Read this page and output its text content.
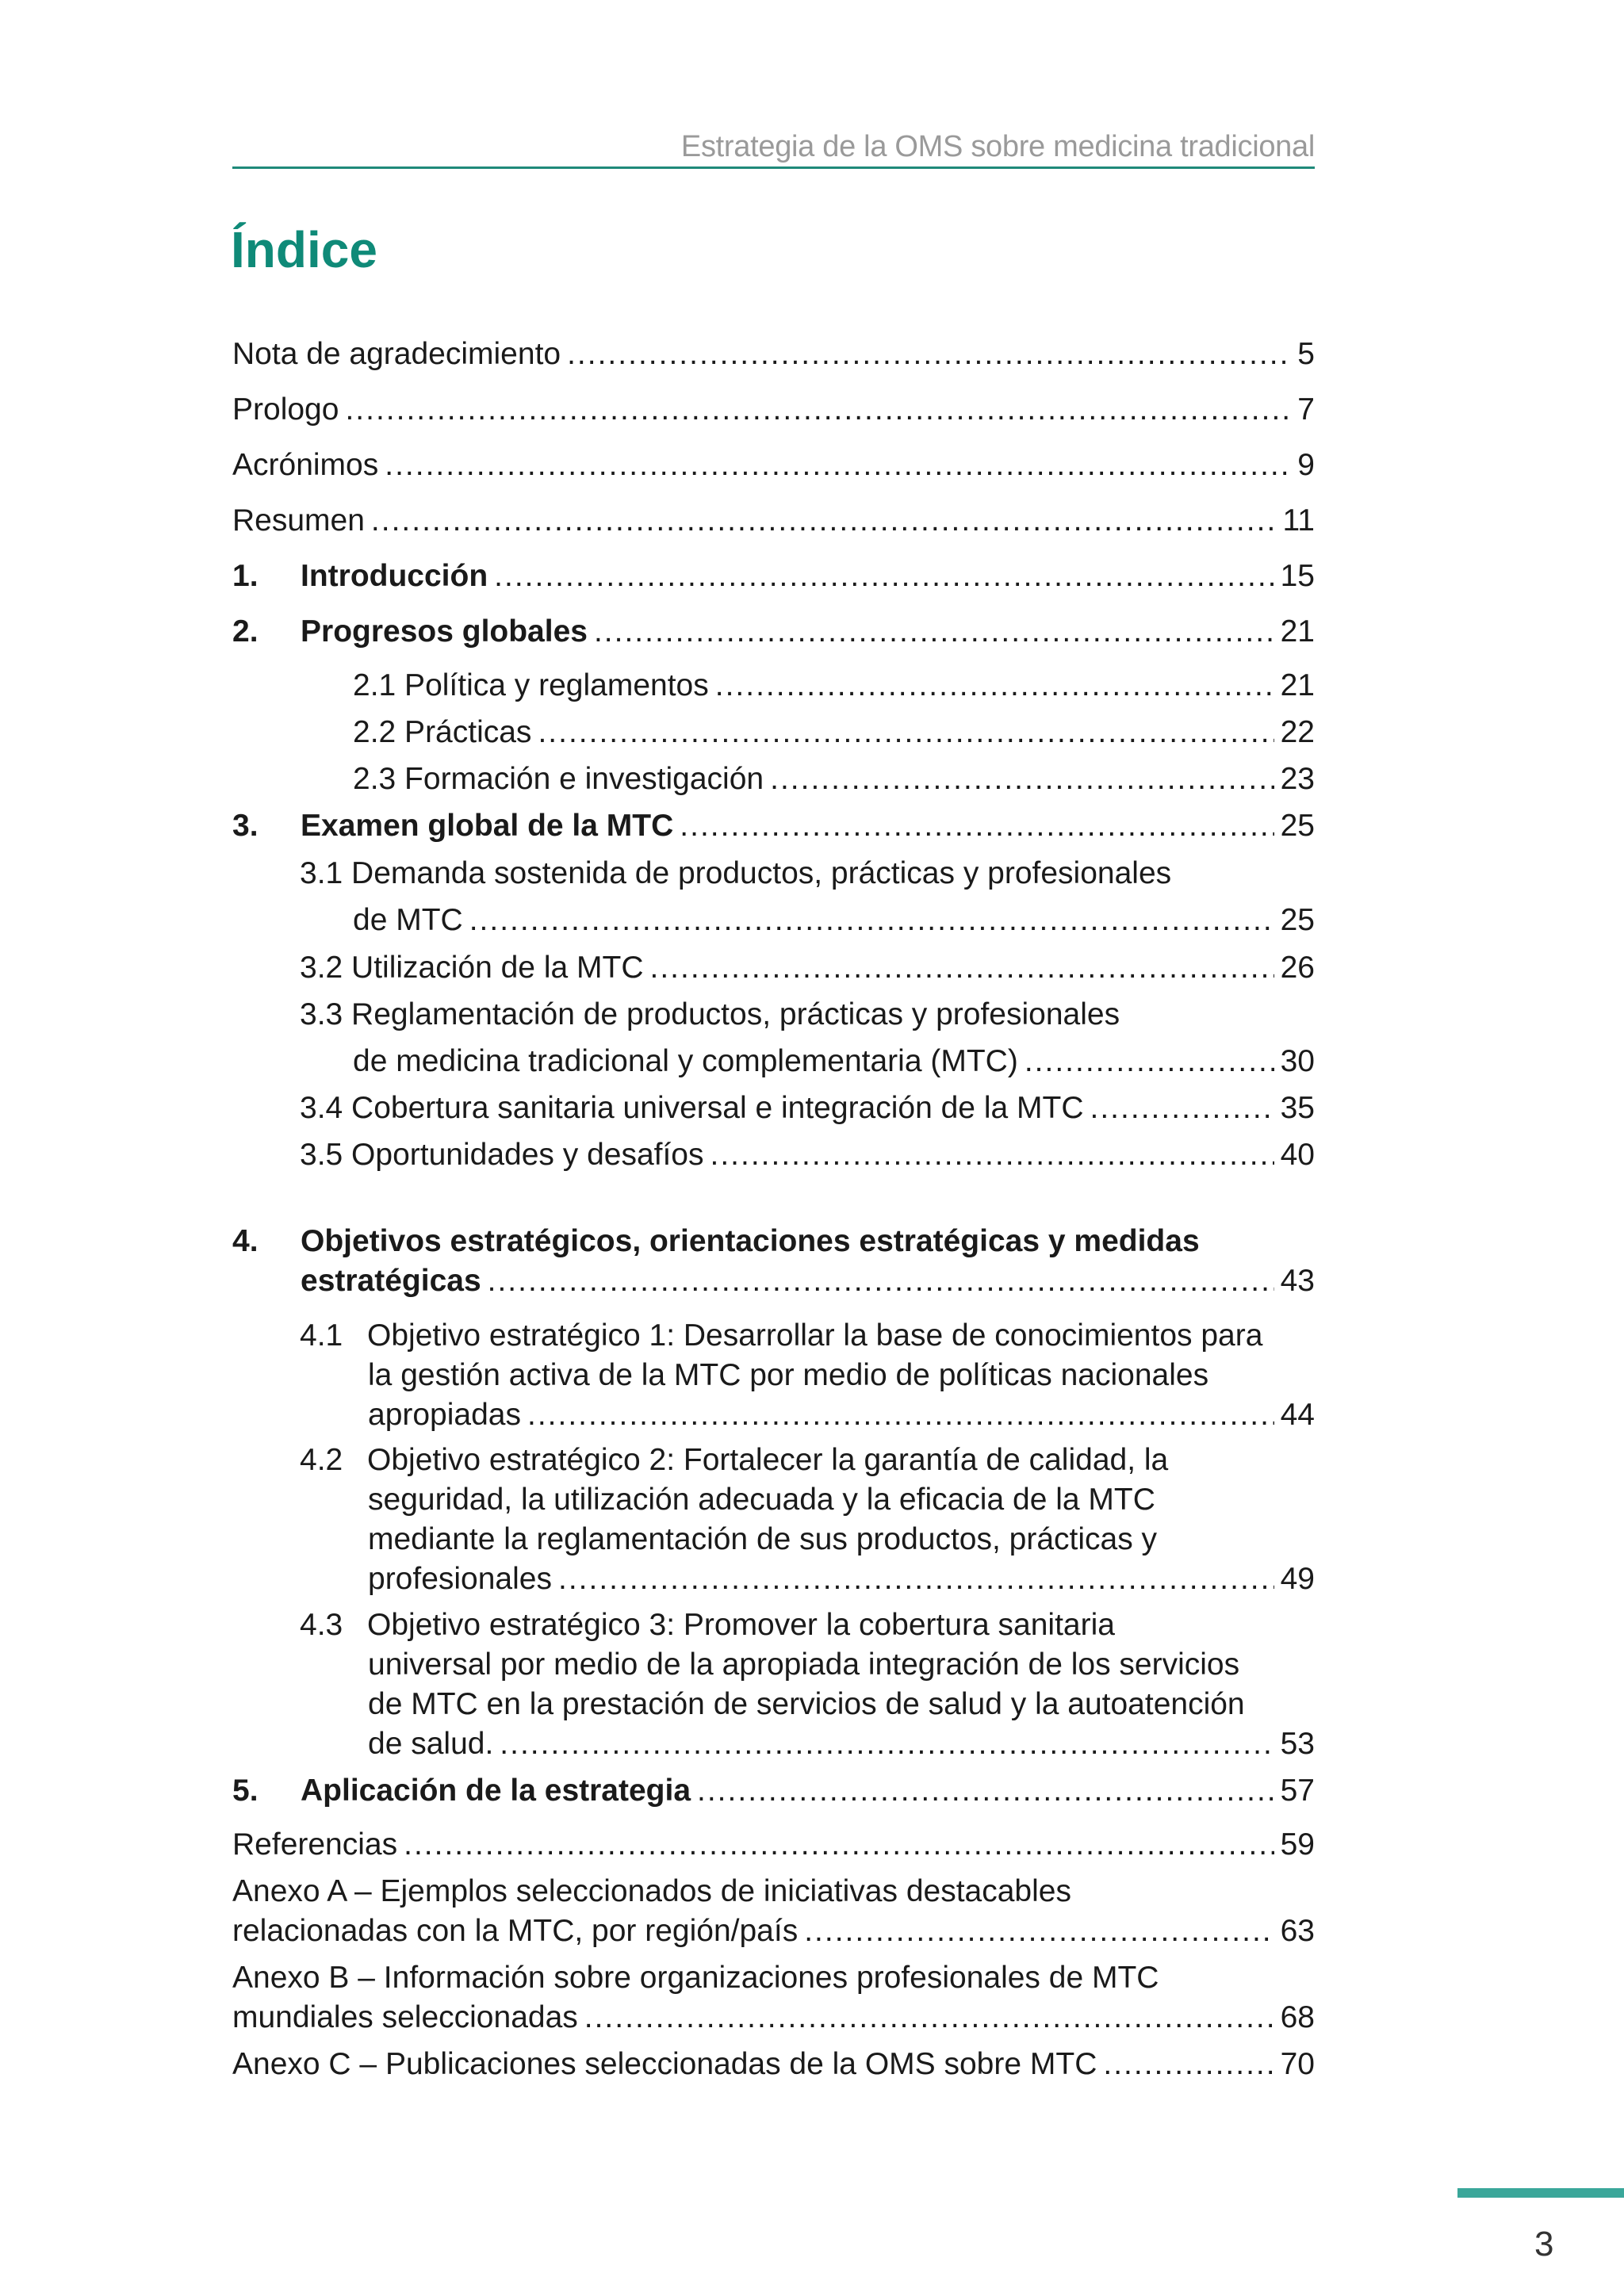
Estrategia de la OMS sobre medicina tradicional
Índice
Nota de agradecimiento .....	5
Prologo .....	7
Acrónimos .....	9
Resumen .....	11
1.	Introducción .....	15
2.	Progresos globales .....	21
2.1 Política y reglamentos .....	21
2.2 Prácticas .....	22
2.3 Formación e investigación .....	23
3.	Examen global de la MTC .....	25
3.1 Demanda sostenida de productos, prácticas y profesionales
de MTC .....	25
3.2 Utilización de la MTC .....	26
3.3 Reglamentación de productos, prácticas y profesionales
de medicina tradicional y complementaria (MTC) .....	30
3.4 Cobertura sanitaria universal e integración de la MTC .....	35
3.5 Oportunidades y desafíos .....	40
4. Objetivos estratégicos, orientaciones estratégicas y medidas
estratégicas .....	43
4.1 Objetivo estratégico 1: Desarrollar la base de conocimientos para
la gestión activa de la MTC por medio de políticas nacionales
apropiadas .....	44
4.2 Objetivo estratégico 2: Fortalecer la garantía de calidad, la
seguridad, la utilización adecuada y la eficacia de la MTC
mediante la reglamentación de sus productos, prácticas y
profesionales .....	49
4.3 Objetivo estratégico 3: Promover la cobertura sanitaria
universal por medio de la apropiada integración de los servicios
de MTC en la prestación de servicios de salud y la autoatención
de salud. .....	53
5.	Aplicación de la estrategia .....	57
Referencias .....	59
Anexo A – Ejemplos seleccionados de iniciativas destacables
relacionadas con la MTC, por región/país .....	63
Anexo B – Información sobre organizaciones profesionales de MTC
mundiales seleccionadas .....	68
Anexo C – Publicaciones seleccionadas de la OMS sobre MTC .....	70
3
